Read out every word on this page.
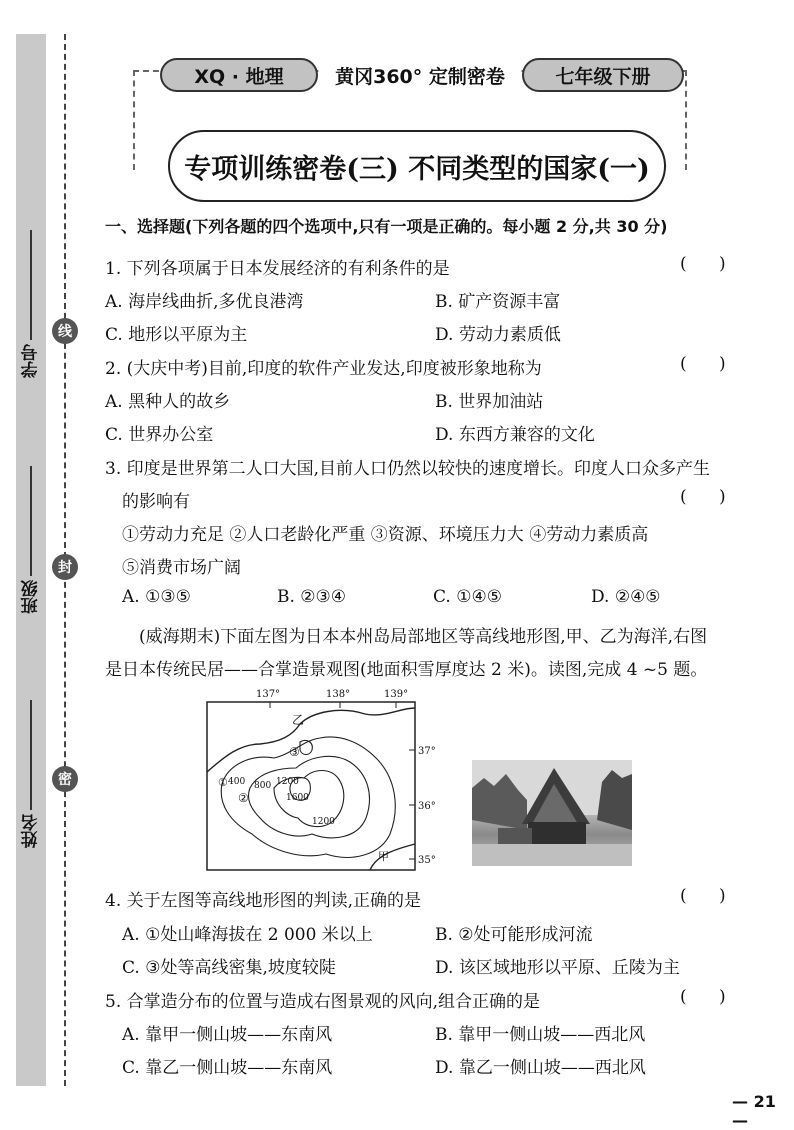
线
封
密
学号
班级
姓名
XQ · 地理	黄冈360° 定制密卷	七年级下册
专项训练密卷(三) 不同类型的国家(一)
一、选择题(下列各题的四个选项中,只有一项是正确的。每小题 2 分,共 30 分)
1. 下列各项属于日本发展经济的有利条件的是	(      )
A. 海岸线曲折,多优良港湾	B. 矿产资源丰富
C. 地形以平原为主	D. 劳动力素质低
2. (大庆中考)目前,印度的软件产业发达,印度被形象地称为	(      )
A. 黑种人的故乡	B. 世界加油站
C. 世界办公室	D. 东西方兼容的文化
3. 印度是世界第二人口大国,目前人口仍然以较快的速度增长。印度人口众多产生
的影响有	(      )
①劳动力充足 ②人口老龄化严重 ③资源、环境压力大 ④劳动力素质高
⑤消费市场广阔
A. ①③⑤	B. ②③④	C. ①④⑤	D. ②④⑤
(威海期末)下面左图为日本本州岛局部地区等高线地形图,甲、乙为海洋,右图
是日本传统民居——合掌造景观图(地面积雪厚度达 2 米)。读图,完成 4 ~5 题。
4. 关于左图等高线地形图的判读,正确的是	(      )
A. ①处山峰海拔在 2 000 米以上	B. ②处可能形成河流
C. ③处等高线密集,坡度较陡	D. 该区域地形以平原、丘陵为主
5. 合掌造分布的位置与造成右图景观的风向,组合正确的是	(      )
A. 靠甲一侧山坡——东南风	B. 靠甲一侧山坡——西北风
C. 靠乙一侧山坡——东南风	D. 靠乙一侧山坡——西北风
137°	138°	139°
37°
36°
35°
乙
甲
③
①
②
400 800 1200
1600
1200
— 21 —
